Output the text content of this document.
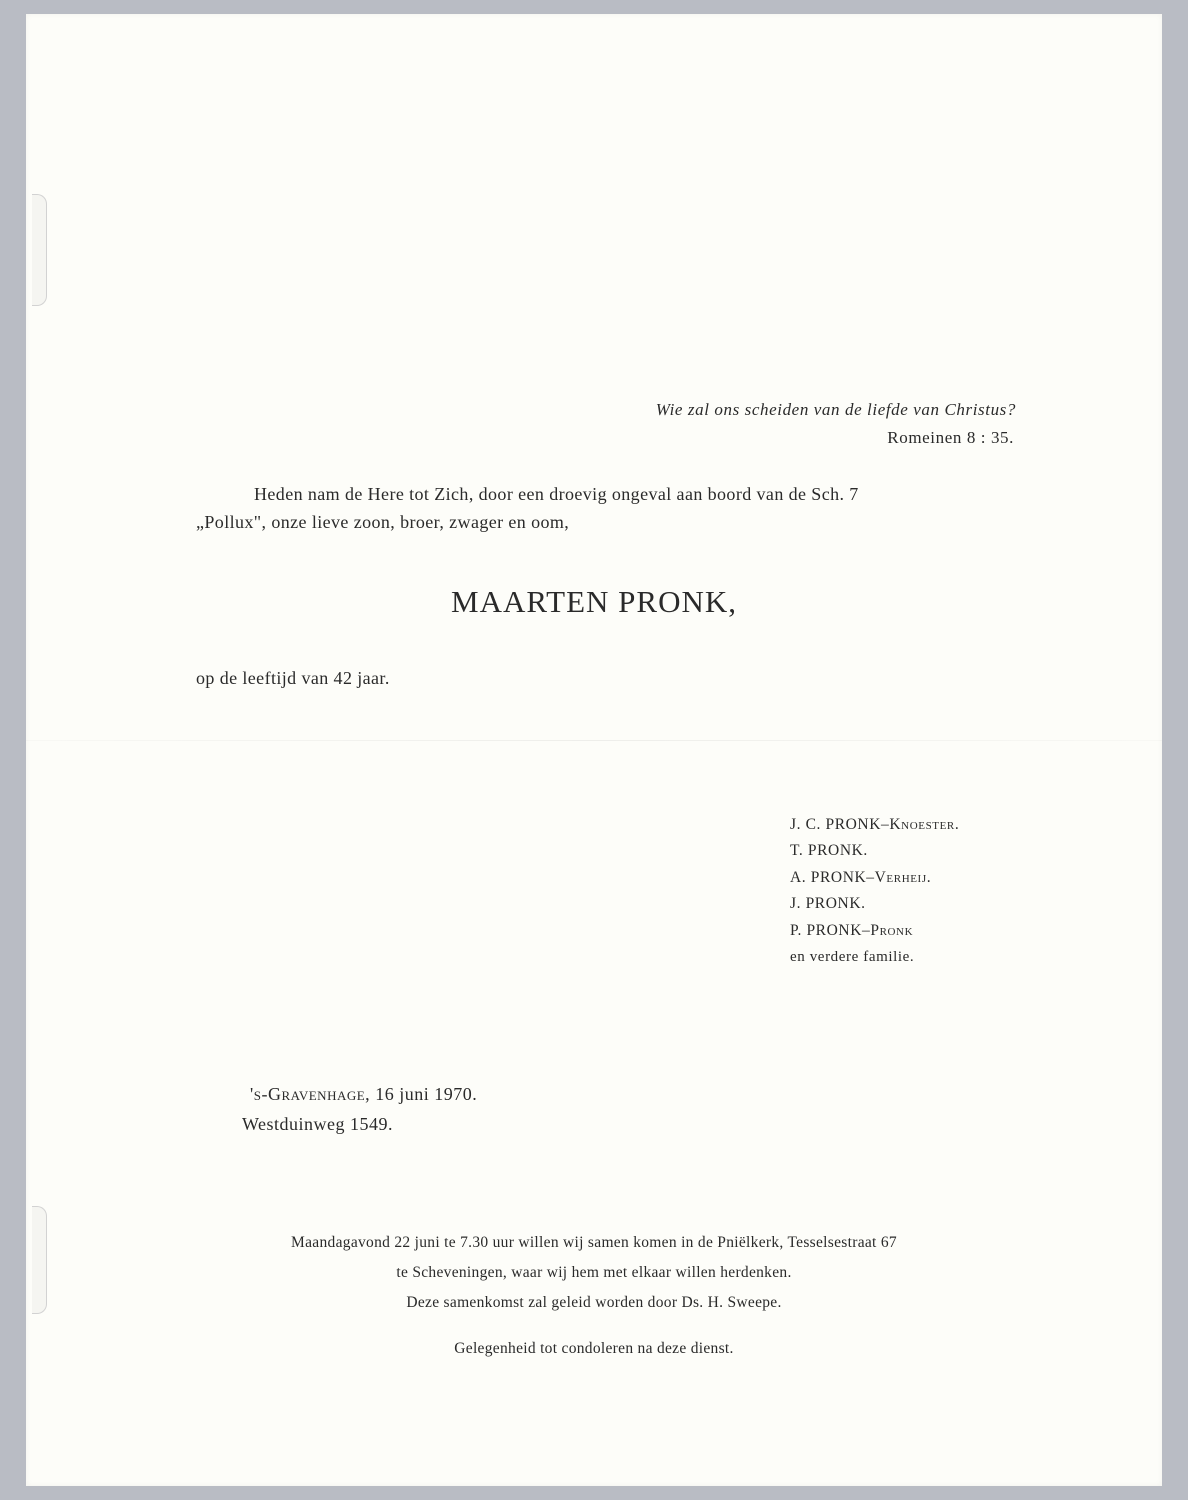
Wie zal ons scheiden van de liefde van Christus?
Romeinen 8 : 35.
Heden nam de Here tot Zich, door een droevig ongeval aan boord van de Sch. 7
„Pollux", onze lieve zoon, broer, zwager en oom,
MAARTEN PRONK,
op de leeftijd van 42 jaar.
J. C. PRONK–Knoester.
T. PRONK.
A. PRONK–Verheij.
J. PRONK.
P. PRONK–Pronk
en verdere familie.
's-Gravenhage, 16 juni 1970.
Westduinweg 1549.
Maandagavond 22 juni te 7.30 uur willen wij samen komen in de Pniëlkerk, Tesselsestraat 67
te Scheveningen, waar wij hem met elkaar willen herdenken.
Deze samenkomst zal geleid worden door Ds. H. Sweepe.
Gelegenheid tot condoleren na deze dienst.
